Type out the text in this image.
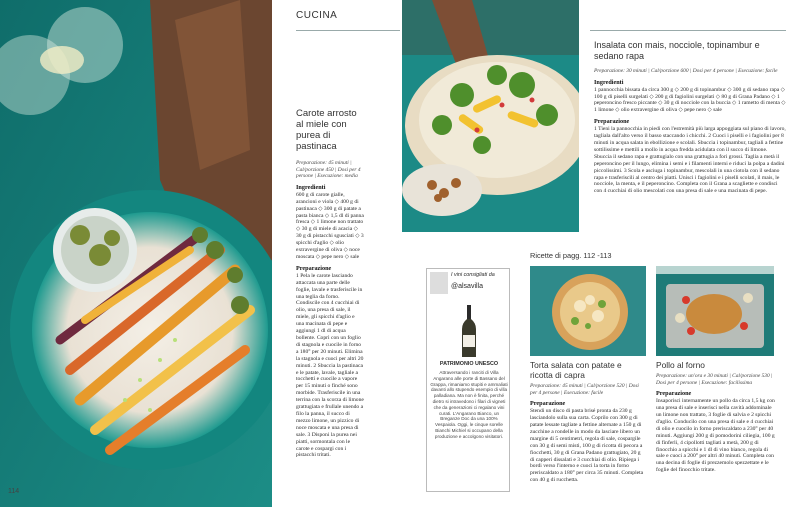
Carote arrosto al miele con purea di pastinaca
Preparazione: 45 minuti | Cal/porzione 450 | Dosi per 4 persone | Esecuzione: media
Ingredienti
600 g di carote gialle, arancioni e viola ◇ 400 g di pastinaca ◇ 300 g di patate a pasta bianca ◇ 1,5 dl di panna fresca ◇ 1 limone non trattato ◇ 30 g di miele di acacia ◇ 30 g di pistacchi sgusciati ◇ 3 spicchi d'aglio ◇ olio extravergine di oliva ◇ noce moscata ◇ pepe nero ◇ sale
Preparazione
1 Pela le carote lasciando attaccata una parte delle foglie, lavale e trasferiscile in una teglia da forno. Condiscile con 4 cucchiai di olio, una presa di sale, il miele, gli spicchi d'aglio e una macinata di pepe e aggiungi 1 dl di acqua bollente. Coprì con un foglio di stagnola e cuocile in forno a 180° per 20 minuti. Elimina la stagnola e cuoci per altri 20 minuti. 2 Sbuccia la pastinaca e le patate, lavale, tagliale a tocchetti e cuocile a vapore per 15 minuti o finché sono morbide. Trasferiscile in una terrina con la scorza di limone grattugiata e frullale unendo a filo la panna, il succo di mezzo limone, un pizzico di noce moscata e una presa di sale. 3 Disponi la purea nei piatti, sormontala con le carote e cospargi con i pistacchi tritati.
114
CUCINA
Insalata con mais, nocciole, topinambur e sedano rapa
Preparazione: 30 minuti | Cal/porzione 600 | Dosi per 4 persone | Esecuzione: facile
Ingredienti
1 pannocchia bissata da circa 300 g ◇ 200 g di topinambur ◇ 300 g di sedano rapa ◇ 100 g di piselli surgelati ◇ 200 g di fagiolini surgelati ◇ 80 g di Grana Padano ◇ 1 peperoncino fresco piccante ◇ 30 g di nocciole con la buccia ◇ 1 rametto di menta ◇ 1 limone ◇ olio extravergine di oliva ◇ pepe nero ◇ sale
Preparazione
1 Tieni la pannocchia in piedi con l'estremità più larga appoggiata sul piano di lavoro, tagliala dall'alto verso il basso staccando i chicchi. 2 Cuoci i piselli e i fagiolini per 8 minuti in acqua salata in ebollizione e scolali. Sbuccia i topinambur, tagliali a fettine sottilissime e mettili a mollo in acqua fredda acidulata con il succo di limone. Sbuccia il sedano rapa e grattugialo con una grattugia a fori grossi. Taglia a metà il peperoncino per il lungo, elimina i semi e i filamenti interni e riduci la polpa a dadini piccolissimi. 3 Scola e asciuga i topinambur, mescolali in una ciotola con il sedano rapa e trasferiscili al centro dei piatti. Unisci i fagiolini e i piselli scolati, il mais, le nocciole, la menta, e il peperoncino. Completa con il Grana a scagliette e condisci con 4 cucchiai di olio mescolati con una presa di sale e una macinata di pepe.
I vini consigliati da
@alsavilla
PATRIMONIO UNESCO
Attraversando i ranciti di Villa Angarano alle porte di Bassano del Grappa, rimaniamo stupiti e ammaliati davanti allo stupendo esempio di villa palladiana. Ma non è finita, perché dietro si intravedono i filari di vigneti che da generazioni ci regalano vini curati. L'Angarano Bianco, un Breganze Doc da una 100% Vespaiola. Oggi, le cinque sorelle Bianchi Michiel si occupano della produzione e accolgono visitatori.
Ricette di pagg. 112 -113
Torta salata con patate e ricotta di capra
Preparazione: 45 minuti | Cal/porzione 520 | Dosi per 4 persone | Esecuzione: facile
Preparazione
Stendi un disco di pasta brisé pronta da 230 g lasciandolo sulla sua carta. Coprilo con 300 g di patate lessate tagliate a fettine alternate a 150 g di zucchine a rondelle in modo da lasciare libero un margine di 5 centimetri, regola di sale, cospargile con 30 g di semi misti, 100 g di ricotta di pecora a fiocchetti, 30 g di Grana Padano grattugiato, 20 g di capperi dissalati e 3 cucchiai di olio. Ripiega i bordi verso l'interno e cuoci la torta in forno preriscaldato a 180° per circa 35 minuti. Completa con 40 g di rucchetta.
Pollo al forno
Preparazione: un'ora e 30 minuti | Cal/porzione 530 | Dosi per 4 persone | Esecuzione: facilissima
Preparazione
Insaporisci internamente un pollo da circa 1,5 kg con una presa di sale e inserisci nella cavità addominale un limone non trattato, 3 foglie di salvia e 2 spicchi d'aglio. Conducilo con una presa di sale e 4 cucchiai di olio e cuocilo in forno preriscaldato a 230° per 40 minuti. Aggiungi 200 g di pomodorini ciliegia, 100 g di finferli, 4 cipollotti tagliati a metà, 200 g di finocchio a spicchi e 1 dl di vino bianco, regola di sale e cuoci a 200° per altri 40 minuti. Completa con una decina di foglie di prezzemolo spezzettate e le foglie del finocchio tritate.
